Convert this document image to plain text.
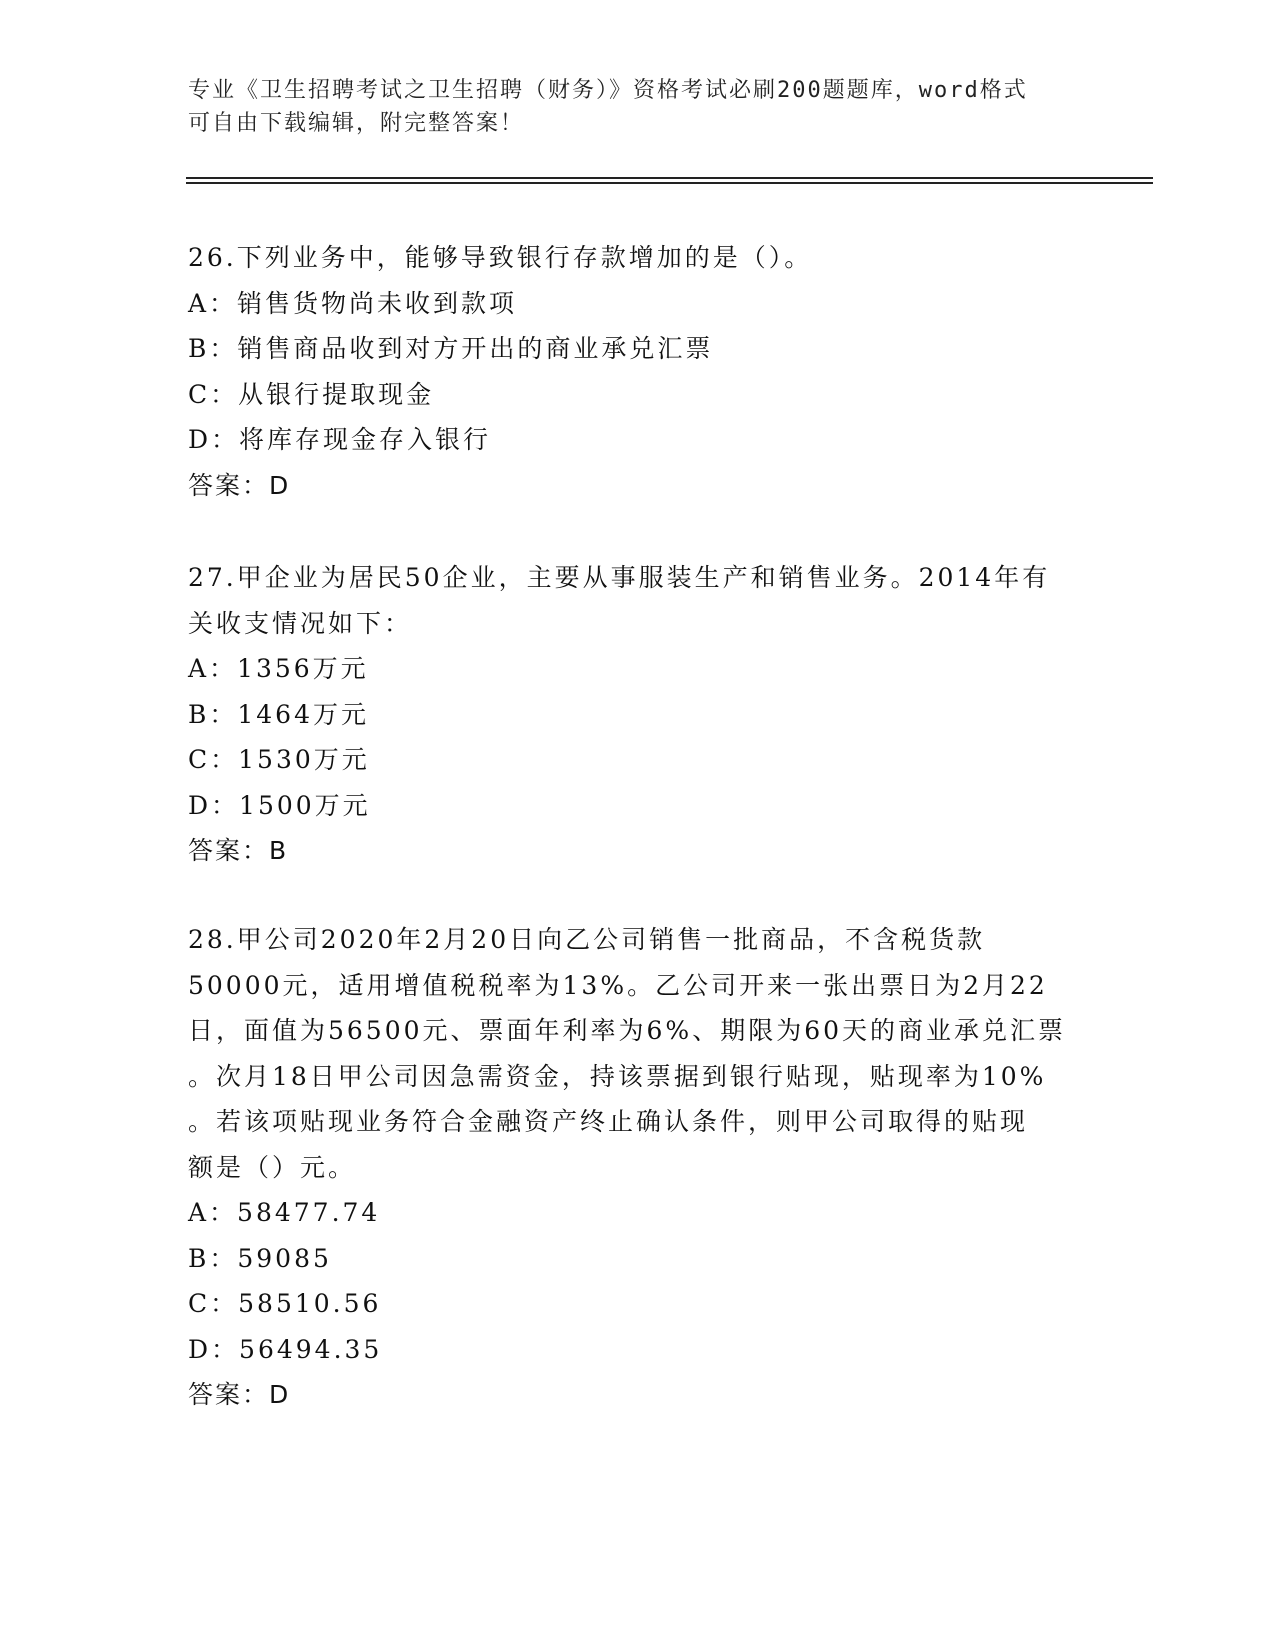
专业《卫生招聘考试之卫生招聘（财务）》资格考试必刷200题题库，word格式
可自由下载编辑，附完整答案！
26.下列业务中，能够导致银行存款增加的是（）。
A：销售货物尚未收到款项
B：销售商品收到对方开出的商业承兑汇票
C：从银行提取现金
D：将库存现金存入银行
答案：D
27.甲企业为居民50企业，主要从事服装生产和销售业务。2014年有
关收支情况如下：
A：1356万元
B：1464万元
C：1530万元
D：1500万元
答案：B
28.甲公司2020年2月20日向乙公司销售一批商品，不含税货款
50000元，适用增值税税率为13%。乙公司开来一张出票日为2月22
日，面值为56500元、票面年利率为6%、期限为60天的商业承兑汇票
。次月18日甲公司因急需资金，持该票据到银行贴现，贴现率为10%
。若该项贴现业务符合金融资产终止确认条件，则甲公司取得的贴现
额是（）元。
A：58477.74
B：59085
C：58510.56
D：56494.35
答案：D
